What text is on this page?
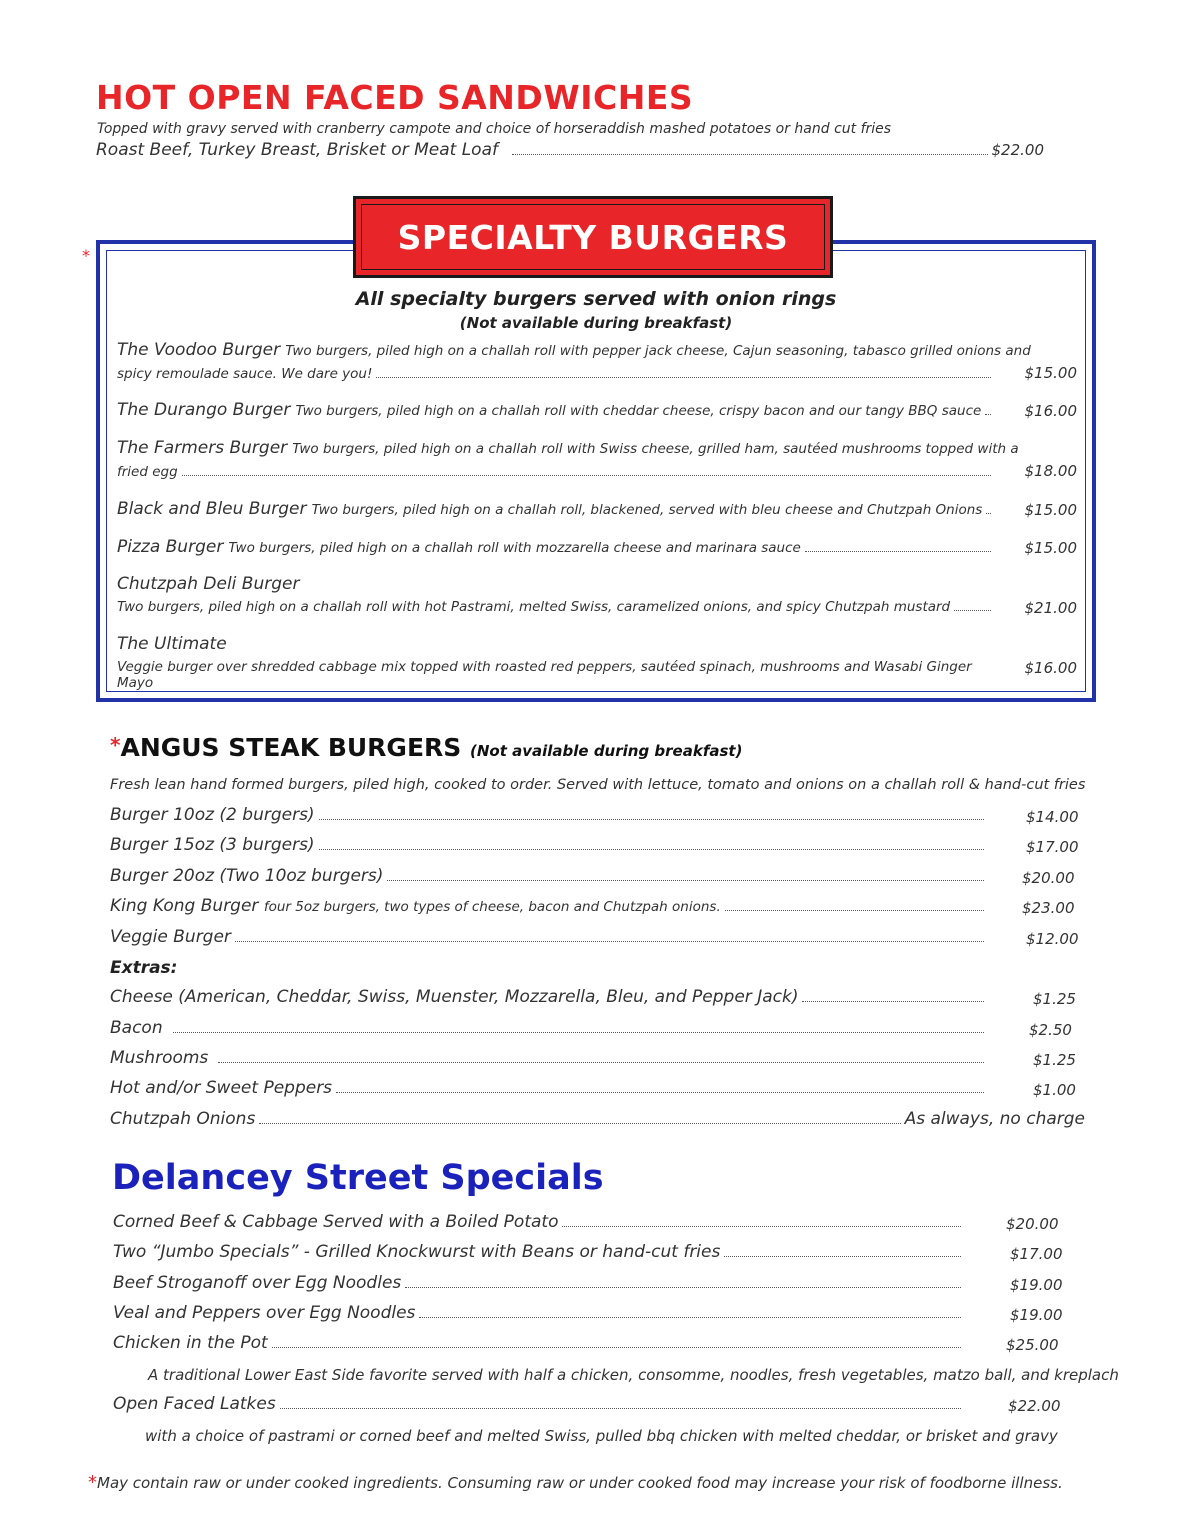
HOT OPEN FACED SANDWICHES
Topped with gravy served with cranberry campote and choice of horseraddish mashed potatoes or hand cut fries
Roast Beef, Turkey Breast, Brisket or Meat Loaf	$22.00
*	SPECIALTY BURGERS
All specialty burgers served with onion rings
(Not available during breakfast)
The Voodoo Burger
Two burgers, piled high on a challah roll with pepper jack cheese, Cajun seasoning, tabasco grilled onions and
spicy remoulade sauce. We dare you!	$15.00
The Durango Burger
Two burgers, piled high on a challah roll with cheddar cheese, crispy bacon and our tangy BBQ sauce	$16.00
The Farmers Burger
Two burgers, piled high on a challah roll with Swiss cheese, grilled ham, sautéed mushrooms topped with a
fried egg	$18.00
Black and Bleu Burger
Two burgers, piled high on a challah roll, blackened, served with bleu cheese and Chutzpah Onions	$15.00
Pizza Burger
Two burgers, piled high on a challah roll with mozzarella cheese and marinara sauce	$15.00
Chutzpah Deli Burger
Two burgers, piled high on a challah roll with hot Pastrami, melted Swiss, caramelized onions, and spicy Chutzpah mustard	$21.00
The Ultimate
Veggie burger over shredded cabbage mix topped with roasted red peppers, sautéed spinach, mushrooms and Wasabi Ginger Mayo
$16.00
*ANGUS STEAK BURGERS (Not available during breakfast)
Fresh lean hand formed burgers, piled high, cooked to order. Served with lettuce, tomato and onions on a challah roll & hand-cut fries
Burger 10oz (2 burgers)	$14.00
Burger 15oz (3 burgers)	$17.00
Burger 20oz (Two 10oz burgers)	$20.00
King Kong Burger
four 5oz burgers, two types of cheese, bacon and Chutzpah onions.	$23.00
Veggie Burger	$12.00
Extras:
Cheese (American, Cheddar, Swiss, Muenster, Mozzarella, Bleu, and Pepper Jack)	$1.25
Bacon	$2.50
Mushrooms	$1.25
Hot and/or Sweet Peppers	$1.00
Chutzpah Onions	As always, no charge
Delancey Street Specials
Corned Beef & Cabbage Served with a Boiled Potato	$20.00
Two “Jumbo Specials” - Grilled Knockwurst with Beans or hand-cut fries	$17.00
Beef Stroganoff over Egg Noodles	$19.00
Veal and Peppers over Egg Noodles	$19.00
Chicken in the Pot	$25.00
A traditional Lower East Side favorite served with half a chicken, consomme, noodles, fresh vegetables, matzo ball, and kreplach
Open Faced Latkes	$22.00
with a choice of pastrami or corned beef and melted Swiss, pulled bbq chicken with melted cheddar, or brisket and gravy
*May contain raw or under cooked ingredients. Consuming raw or under cooked food may increase your risk of foodborne illness.
